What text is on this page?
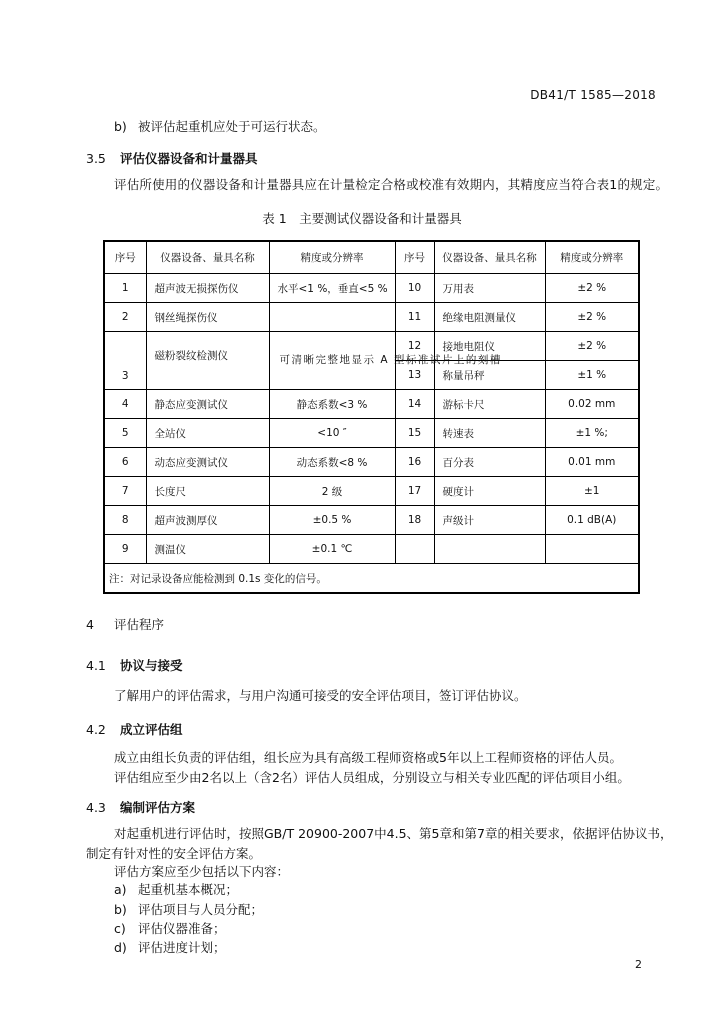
DB41/T 1585—2018
b) 被评估起重机应处于可运行状态。
3.5 评估仪器设备和计量器具
评估所使用的仪器设备和计量器具应在计量检定合格或校准有效期内，其精度应当符合表1的规定。
表 1　主要测试仪器设备和计量器具
序号	仪器设备、量具名称	精度或分辨率	序号	仪器设备、量具名称	精度或分辨率
1	超声波无损探伤仪	水平<1 %，垂直<5 %	10	万用表	±2 %
2	钢丝绳探伤仪		11	绝缘电阻测量仪	±2 %
3	磁粉裂纹检测仪	可清晰完整地显示 A 型标准试片上的刻槽	12	接地电阻仪	±2 %
			13	称量吊秤	±1 %
4	静态应变测试仪	静态系数<3 %	14	游标卡尺	0.02 mm
5	全站仪	<10 ″	15	转速表	±1 %;
6	动态应变测试仪	动态系数<8 %	16	百分表	0.01 mm
7	长度尺	2 级	17	硬度计	±1
8	超声波测厚仪	±0.5 %	18	声级计	0.1 dB(A)
9	测温仪	±0.1 ℃			
注：对记录设备应能检测到 0.1s 变化的信号。					
4 评估程序
4.1 协议与接受
了解用户的评估需求，与用户沟通可接受的安全评估项目，签订评估协议。
4.2 成立评估组
成立由组长负责的评估组，组长应为具有高级工程师资格或5年以上工程师资格的评估人员。
评估组应至少由2名以上（含2名）评估人员组成，分别设立与相关专业匹配的评估项目小组。
4.3 编制评估方案
对起重机进行评估时，按照GB/T 20900-2007中4.5、第5章和第7章的相关要求，依据评估协议书，
制定有针对性的安全评估方案。
评估方案应至少包括以下内容：
a) 起重机基本概况；
b) 评估项目与人员分配；
c) 评估仪器准备；
d) 评估进度计划；
2
